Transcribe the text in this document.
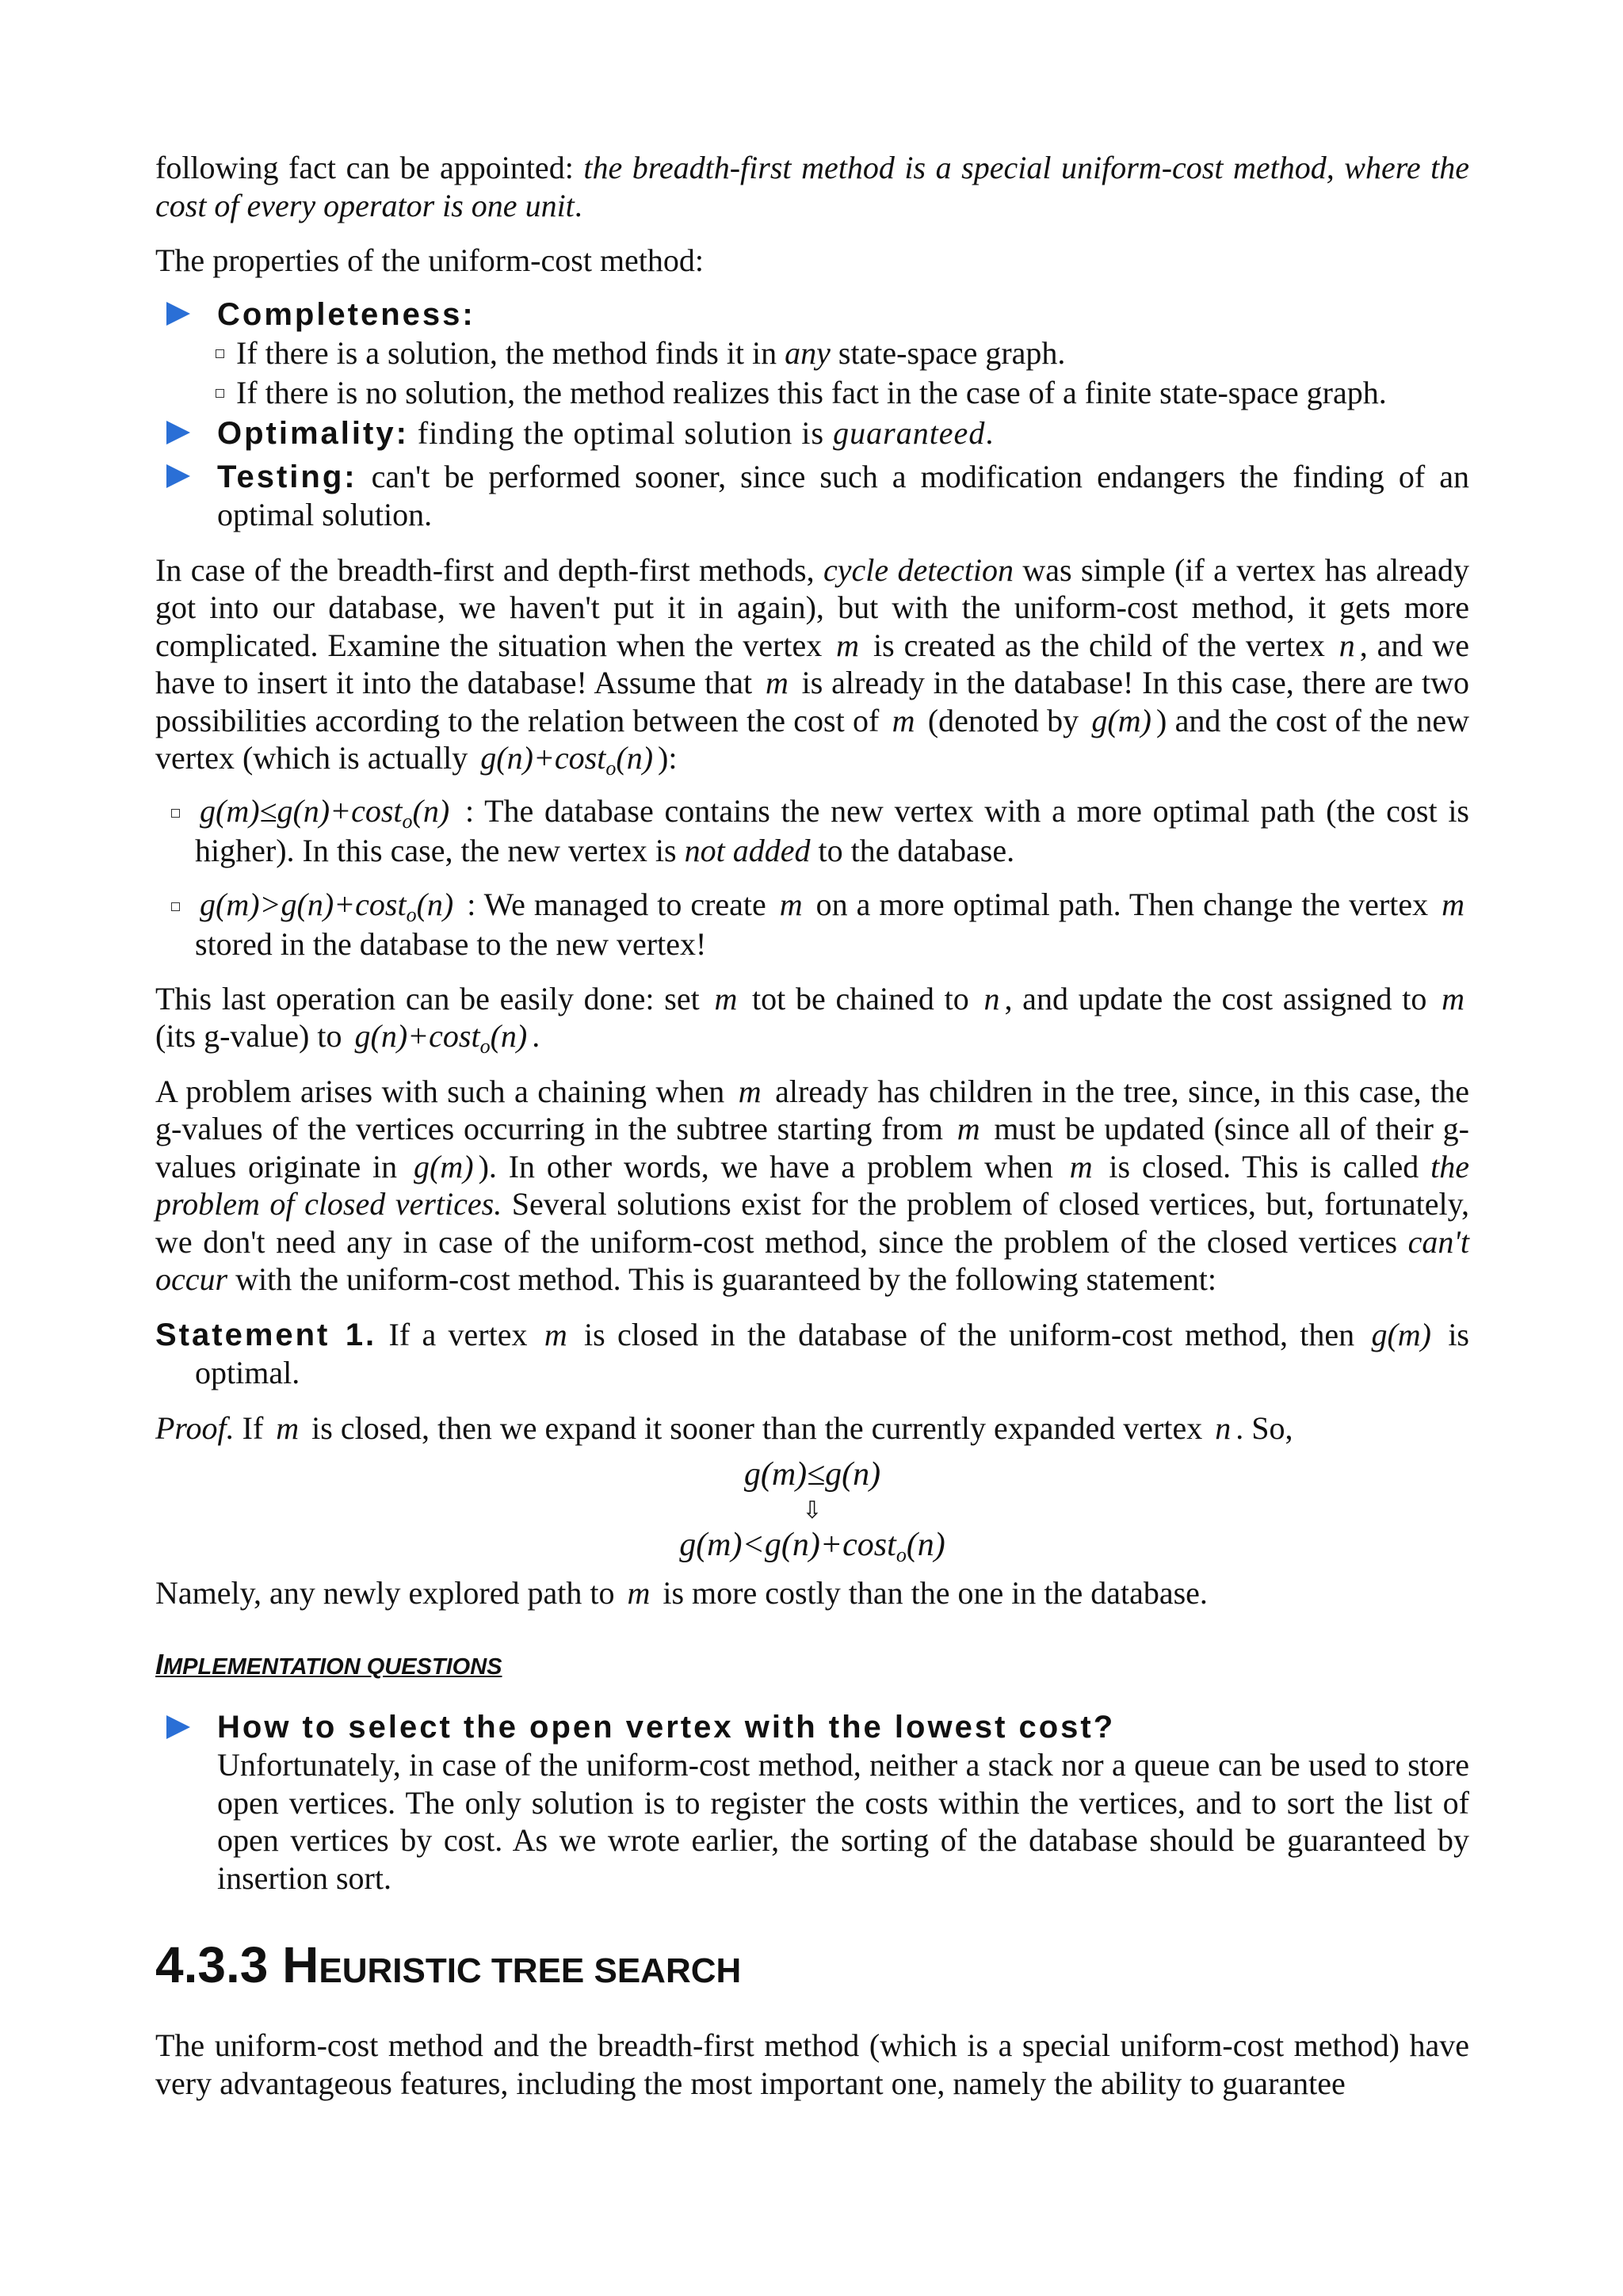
following fact can be appointed: the breadth-first method is a special uniform-cost method, where the cost of every operator is one unit.

The properties of the uniform-cost method:

Completeness:
If there is a solution, the method finds it in any state-space graph.
If there is no solution, the method realizes this fact in the case of a finite state-space graph.
Optimality: finding the optimal solution is guaranteed.
Testing: can't be performed sooner, since such a modification endangers the finding of an optimal solution.

In case of the breadth-first and depth-first methods, cycle detection was simple (if a vertex has already got into our database, we haven't put it in again), but with the uniform-cost method, it gets more complicated. Examine the situation when the vertex m is created as the child of the vertex n , and we have to insert it into the database! Assume that m is already in the database! In this case, there are two possibilities according to the relation between the cost of m (denoted by g(m) ) and the cost of the new vertex (which is actually g(n)+cost$_o$(n) ):

g(m)≤g(n)+cost$_o$(n) : The database contains the new vertex with a more optimal path (the cost is higher). In this case, the new vertex is not added to the database.
g(m)>g(n)+cost$_o$(n) : We managed to create m on a more optimal path. Then change the vertex m stored in the database to the new vertex!

This last operation can be easily done: set m tot be chained to n , and update the cost assigned to m (its g-value) to g(n)+cost$_o$(n) .

A problem arises with such a chaining when m already has children in the tree, since, in this case, the g-values of the vertices occurring in the subtree starting from m must be updated (since all of their g-values originate in g(m) ). In other words, we have a problem when m is closed. This is called the problem of closed vertices. Several solutions exist for the problem of closed vertices, but, fortunately, we don't need any in case of the uniform-cost method, since the problem of the closed vertices can't occur with the uniform-cost method. This is guaranteed by the following statement:

Statement 1. If a vertex m is closed in the database of the uniform-cost method, then g(m) is optimal.

Proof. If m is closed, then we expand it sooner than the currently expanded vertex n . So,

g(m)≤g(n)
⇩
g(m)<g(n)+cost$_o$(n)

Namely, any newly explored path to m is more costly than the one in the database.

IMPLEMENTATION QUESTIONS
How to select the open vertex with the lowest cost?
Unfortunately, in case of the uniform-cost method, neither a stack nor a queue can be used to store open vertices. The only solution is to register the costs within the vertices, and to sort the list of open vertices by cost. As we wrote earlier, the sorting of the database should be guaranteed by insertion sort.
4.3.3 HEURISTIC TREE SEARCH

The uniform-cost method and the breadth-first method (which is a special uniform-cost method) have very advantageous features, including the most important one, namely the ability to guarantee
